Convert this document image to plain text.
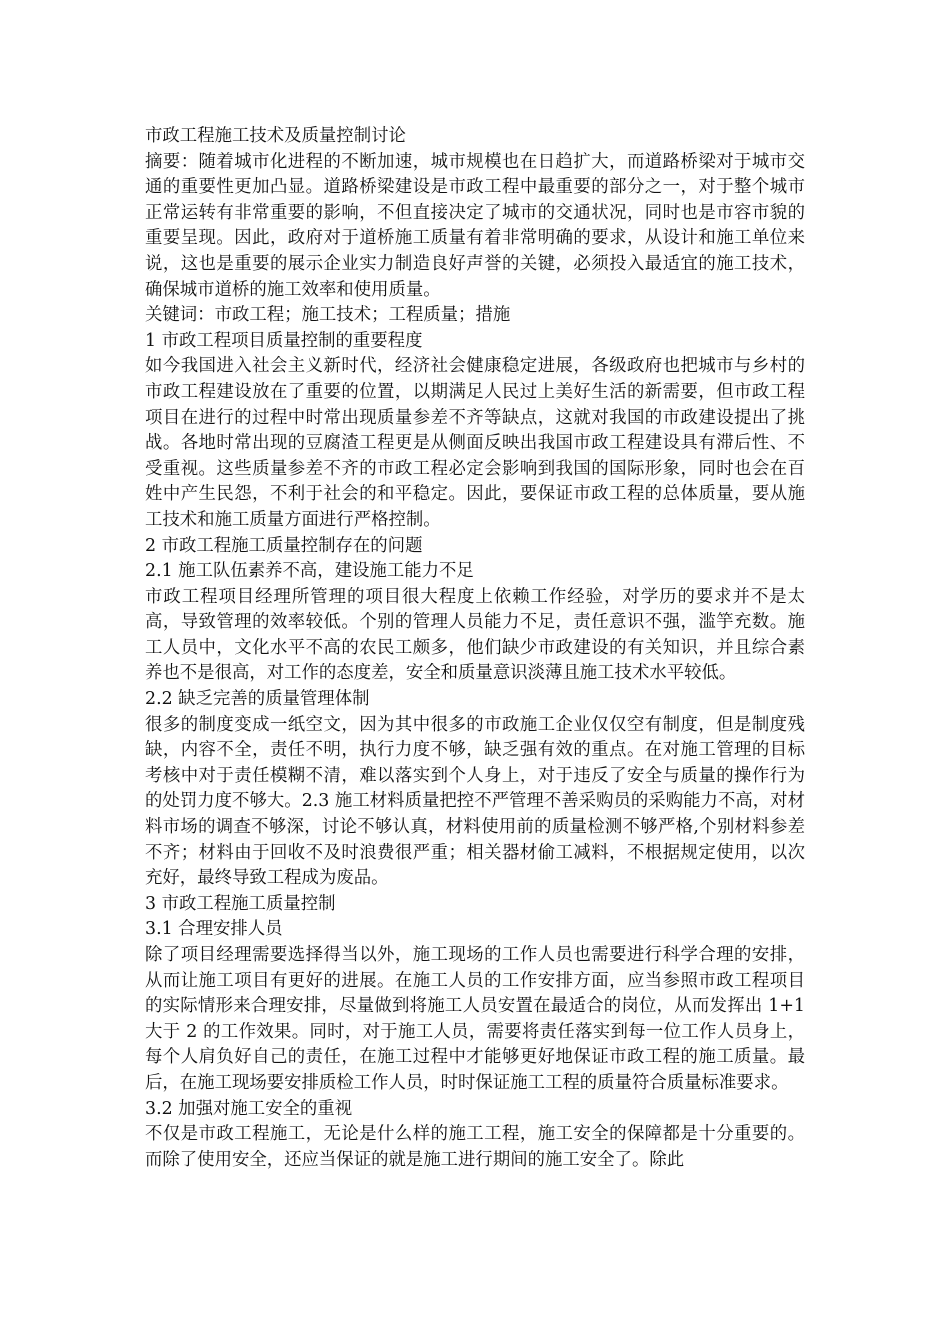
市政工程施工技术及质量控制讨论

摘要：随着城市化进程的不断加速，城市规模也在日趋扩大，而道路桥梁对于城市交通的重要性更加凸显。道路桥梁建设是市政工程中最重要的部分之一，对于整个城市正常运转有非常重要的影响，不但直接决定了城市的交通状况，同时也是市容市貌的重要呈现。因此，政府对于道桥施工质量有着非常明确的要求，从设计和施工单位来说，这也是重要的展示企业实力制造良好声誉的关键，必须投入最适宜的施工技术，确保城市道桥的施工效率和使用质量。

关键词：市政工程；施工技术；工程质量；措施

1 市政工程项目质量控制的重要程度

如今我国进入社会主义新时代，经济社会健康稳定进展，各级政府也把城市与乡村的市政工程建设放在了重要的位置，以期满足人民过上美好生活的新需要，但市政工程项目在进行的过程中时常出现质量参差不齐等缺点，这就对我国的市政建设提出了挑战。各地时常出现的豆腐渣工程更是从侧面反映出我国市政工程建设具有滞后性、不受重视。这些质量参差不齐的市政工程必定会影响到我国的国际形象，同时也会在百姓中产生民怨，不利于社会的和平稳定。因此，要保证市政工程的总体质量，要从施工技术和施工质量方面进行严格控制。

2 市政工程施工质量控制存在的问题

2.1 施工队伍素养不高，建设施工能力不足

市政工程项目经理所管理的项目很大程度上依赖工作经验，对学历的要求并不是太高，导致管理的效率较低。个别的管理人员能力不足，责任意识不强，滥竽充数。施工人员中，文化水平不高的农民工颇多，他们缺少市政建设的有关知识，并且综合素养也不是很高，对工作的态度差，安全和质量意识淡薄且施工技术水平较低。

2.2 缺乏完善的质量管理体制

很多的制度变成一纸空文，因为其中很多的市政施工企业仅仅空有制度，但是制度残缺，内容不全，责任不明，执行力度不够，缺乏强有效的重点。在对施工管理的目标考核中对于责任模糊不清，难以落实到个人身上，对于违反了安全与质量的操作行为的处罚力度不够大。2.3 施工材料质量把控不严管理不善采购员的采购能力不高，对材料市场的调查不够深，讨论不够认真，材料使用前的质量检测不够严格,个别材料参差不齐；材料由于回收不及时浪费很严重；相关器材偷工减料，不根据规定使用，以次充好，最终导致工程成为废品。

3 市政工程施工质量控制

3.1 合理安排人员

除了项目经理需要选择得当以外，施工现场的工作人员也需要进行科学合理的安排，从而让施工项目有更好的进展。在施工人员的工作安排方面，应当参照市政工程项目的实际情形来合理安排，尽量做到将施工人员安置在最适合的岗位，从而发挥出 1+1 大于 2 的工作效果。同时，对于施工人员，需要将责任落实到每一位工作人员身上，每个人肩负好自己的责任，在施工过程中才能够更好地保证市政工程的施工质量。最后，在施工现场要安排质检工作人员，时时保证施工工程的质量符合质量标准要求。

3.2 加强对施工安全的重视

不仅是市政工程施工，无论是什么样的施工工程，施工安全的保障都是十分重要的。而除了使用安全，还应当保证的就是施工进行期间的施工安全了。除此
